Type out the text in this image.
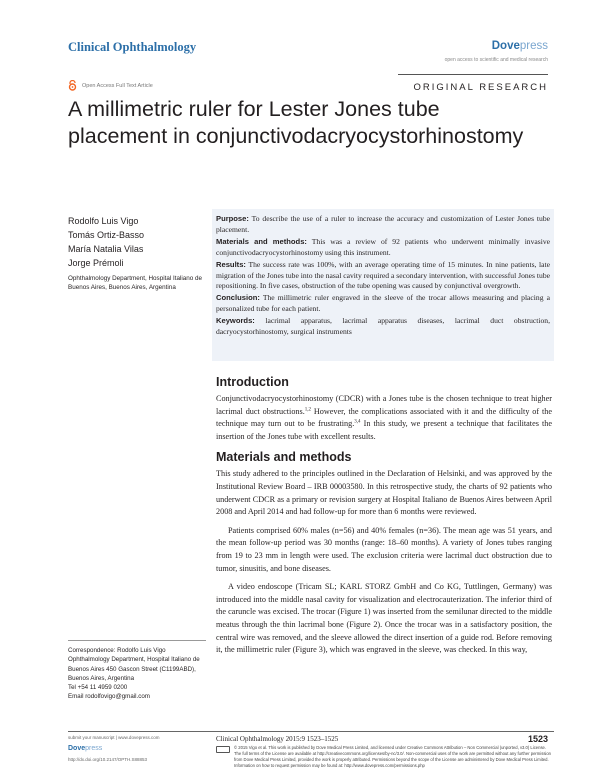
Clinical Ophthalmology	Dovepress
open access to scientific and medical research
Open Access Full Text Article	ORIGINAL RESEARCH
A millimetric ruler for Lester Jones tube
placement in conjunctivodacryocystorhinostomy
Rodolfo Luis Vigo
Tomás Ortiz-Basso
María Natalia Vilas
Jorge Prémoli
Ophthalmology Department, Hospital Italiano de Buenos Aires, Buenos Aires, Argentina

Purpose: To describe the use of a ruler to increase the accuracy and customization of Lester Jones tube placement.

Materials and methods: This was a review of 92 patients who underwent minimally invasive conjunctivodacryocystorhinostomy using this instrument.

Results: The success rate was 100%, with an average operating time of 15 minutes. In nine patients, late migration of the Jones tube into the nasal cavity required a secondary intervention, with successful Jones tube repositioning. In five cases, obstruction of the tube opening was caused by conjunctival overgrowth.

Conclusion: The millimetric ruler engraved in the sleeve of the trocar allows measuring and placing a personalized tube for each patient.

Keywords: lacrimal apparatus, lacrimal apparatus diseases, lacrimal duct obstruction, dacryocystorhinostomy, surgical instruments

Introduction

Conjunctivodacryocystorhinostomy (CDCR) with a Jones tube is the chosen technique to treat higher lacrimal duct obstructions.$^{1,2}$ However, the complications associated with it and the difficulty of the technique may turn out to be frustrating.$^{3,4}$ In this study, we present a technique that facilitates the insertion of the Jones tube with excellent results.

Materials and methods

This study adhered to the principles outlined in the Declaration of Helsinki, and was approved by the Institutional Review Board – IRB 00003580. In this retrospective study, the charts of 92 patients who underwent CDCR as a primary or revision surgery at Hospital Italiano de Buenos Aires between April 2008 and April 2014 and had follow-up for more than 6 months were reviewed.

Patients comprised 60% males (n=56) and 40% females (n=36). The mean age was 51 years, and the mean follow-up period was 30 months (range: 18–60 months). A variety of Jones tubes ranging from 19 to 23 mm in length were used. The exclusion criteria were lacrimal duct obstruction due to tumor, sinusitis, and bone diseases.

A video endoscope (Tricam SL; KARL STORZ GmbH and Co KG, Tuttlingen, Germany) was introduced into the middle nasal cavity for visualization and electrocauterization. The inferior third of the caruncle was excised. The trocar (Figure 1) was inserted from the semilunar directed to the middle meatus through the thin lacrimal bone (Figure 2). Once the trocar was in a satisfactory position, the central wire was removed, and the sleeve allowed the direct insertion of a guide rod. Before removing it, the millimetric ruler (Figure 3), which was engraved in the sleeve, was checked. In this way,

Correspondence: Rodolfo Luis Vigo
Ophthalmology Department, Hospital Italiano de Buenos Aires 450 Gascon Street (C1199ABD), Buenos Aires, Argentina
Tel +54 11 4959 0200
Email rodolfovigo@gmail.com
submit your manuscript | www.dovepress.com
Dovepress
http://dx.doi.org/10.2147/OPTH.S88853
Clinical Ophthalmology 2015:9 1523–1525	1523
© 2015 Vigo et al. This work is published by Dove Medical Press Limited, and licensed under Creative Commons Attribution – Non Commercial (unported, v3.0) License. The full terms of the License are available at http://creativecommons.org/licenses/by-nc/3.0/. Non-commercial uses of the work are permitted without any further permission from Dove Medical Press Limited, provided the work is properly attributed. Permissions beyond the scope of the License are administered by Dove Medical Press Limited. Information on how to request permission may be found at: http://www.dovepress.com/permissions.php
